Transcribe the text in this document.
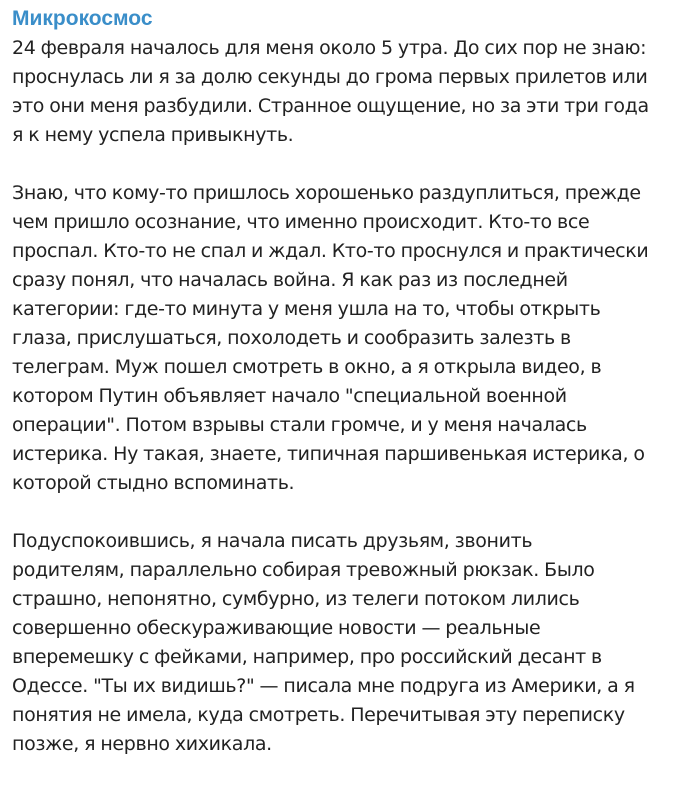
Микрокосмос
24 февраля началось для меня около 5 утра. До сих пор не знаю:
проснулась ли я за долю секунды до грома первых прилетов или
это они меня разбудили. Странное ощущение, но за эти три года
я к нему успела привыкнуть.
Знаю, что кому-то пришлось хорошенько раздуплиться, прежде
чем пришло осознание, что именно происходит. Кто-то все
проспал. Кто-то не спал и ждал. Кто-то проснулся и практически
сразу понял, что началась война. Я как раз из последней
категории: где-то минута у меня ушла на то, чтобы открыть
глаза, прислушаться, похолодеть и сообразить залезть в
телеграм. Муж пошел смотреть в окно, а я открыла видео, в
котором Путин объявляет начало "специальной военной
операции". Потом взрывы стали громче, и у меня началась
истерика. Ну такая, знаете, типичная паршивенькая истерика, о
которой стыдно вспоминать.
Подуспокоившись, я начала писать друзьям, звонить
родителям, параллельно собирая тревожный рюкзак. Было
страшно, непонятно, сумбурно, из телеги потоком лились
совершенно обескураживающие новости — реальные
вперемешку с фейками, например, про российский десант в
Одессе. "Ты их видишь?" — писала мне подруга из Америки, а я
понятия не имела, куда смотреть. Перечитывая эту переписку
позже, я нервно хихикала.
